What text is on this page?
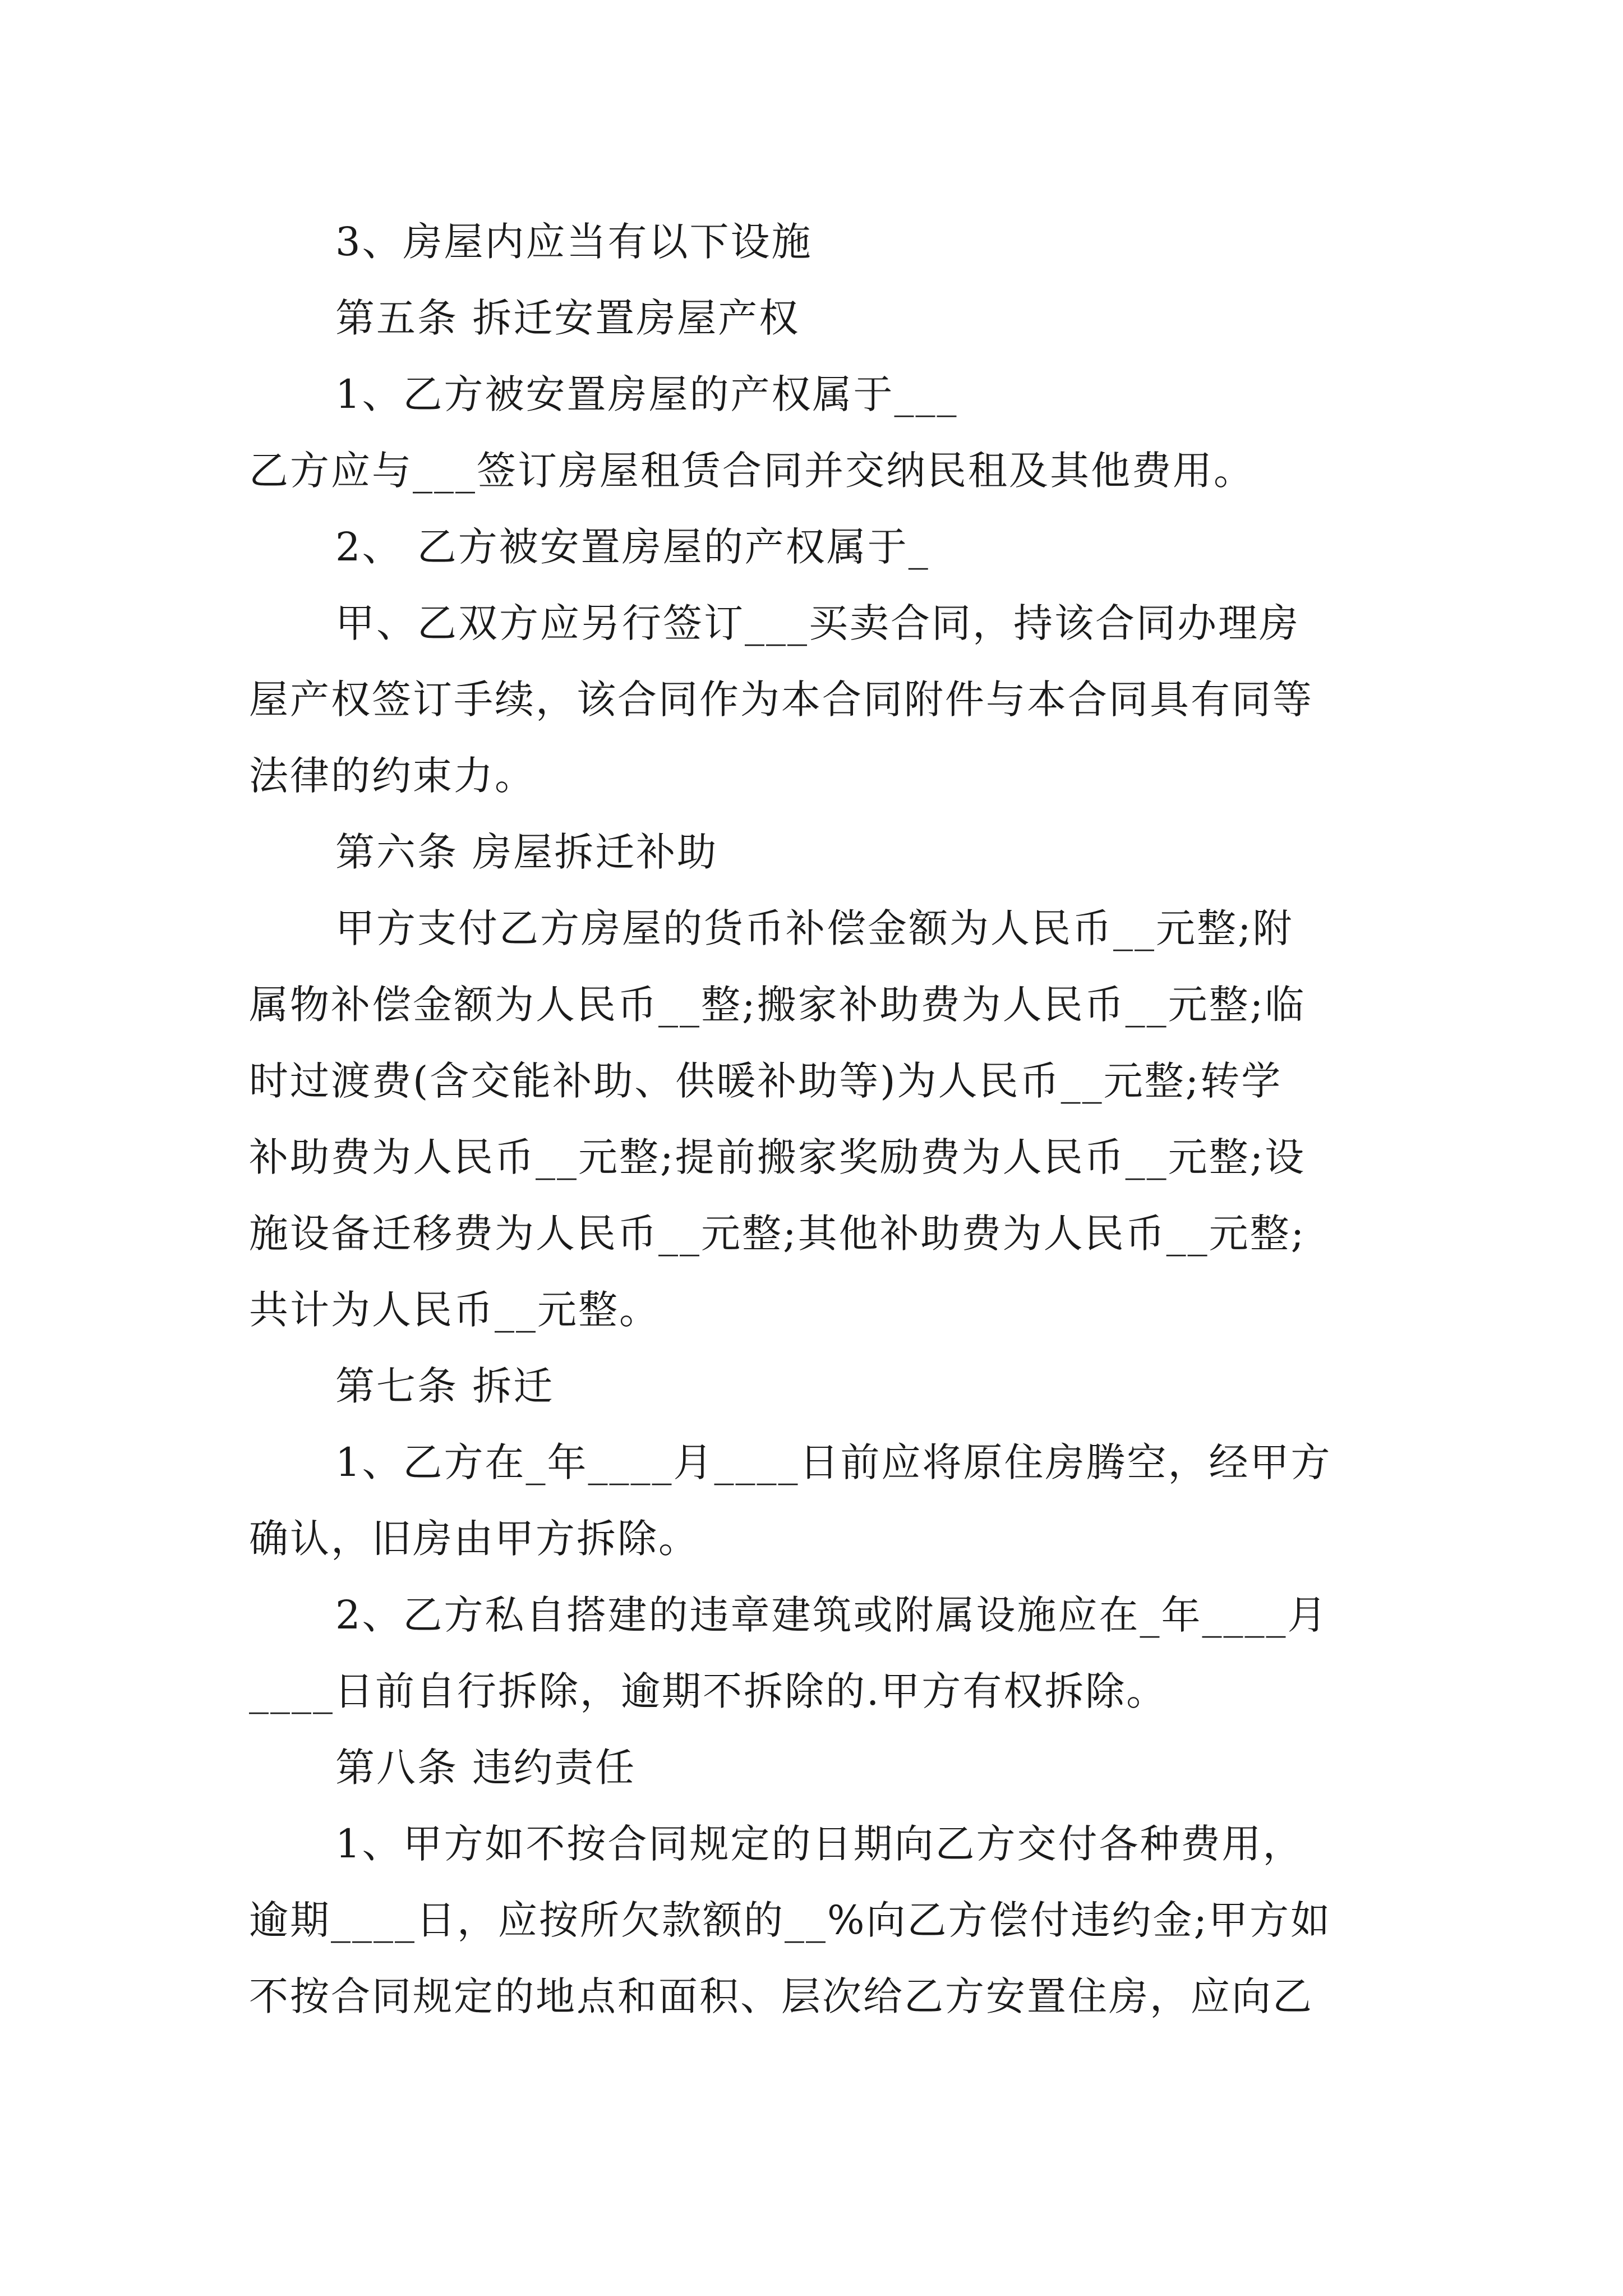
3、房屋内应当有以下设施
第五条 拆迁安置房屋产权
1、乙方被安置房屋的产权属于___
乙方应与___签订房屋租赁合同并交纳民租及其他费用。
2、 乙方被安置房屋的产权属于_
甲、乙双方应另行签订___买卖合同，持该合同办理房
屋产权签订手续，该合同作为本合同附件与本合同具有同等
法律的约束力。
第六条 房屋拆迁补助
甲方支付乙方房屋的货币补偿金额为人民币__元整;附
属物补偿金额为人民币__整;搬家补助费为人民币__元整;临
时过渡费(含交能补助、供暖补助等)为人民币__元整;转学
补助费为人民币__元整;提前搬家奖励费为人民币__元整;设
施设备迁移费为人民币__元整;其他补助费为人民币__元整;
共计为人民币__元整。
第七条 拆迁
1、乙方在_年____月____日前应将原住房腾空，经甲方
确认，旧房由甲方拆除。
2、乙方私自搭建的违章建筑或附属设施应在_年____月
____日前自行拆除，逾期不拆除的.甲方有权拆除。
第八条 违约责任
1、甲方如不按合同规定的日期向乙方交付各种费用，
逾期____日，应按所欠款额的__%向乙方偿付违约金;甲方如
不按合同规定的地点和面积、层次给乙方安置住房，应向乙
